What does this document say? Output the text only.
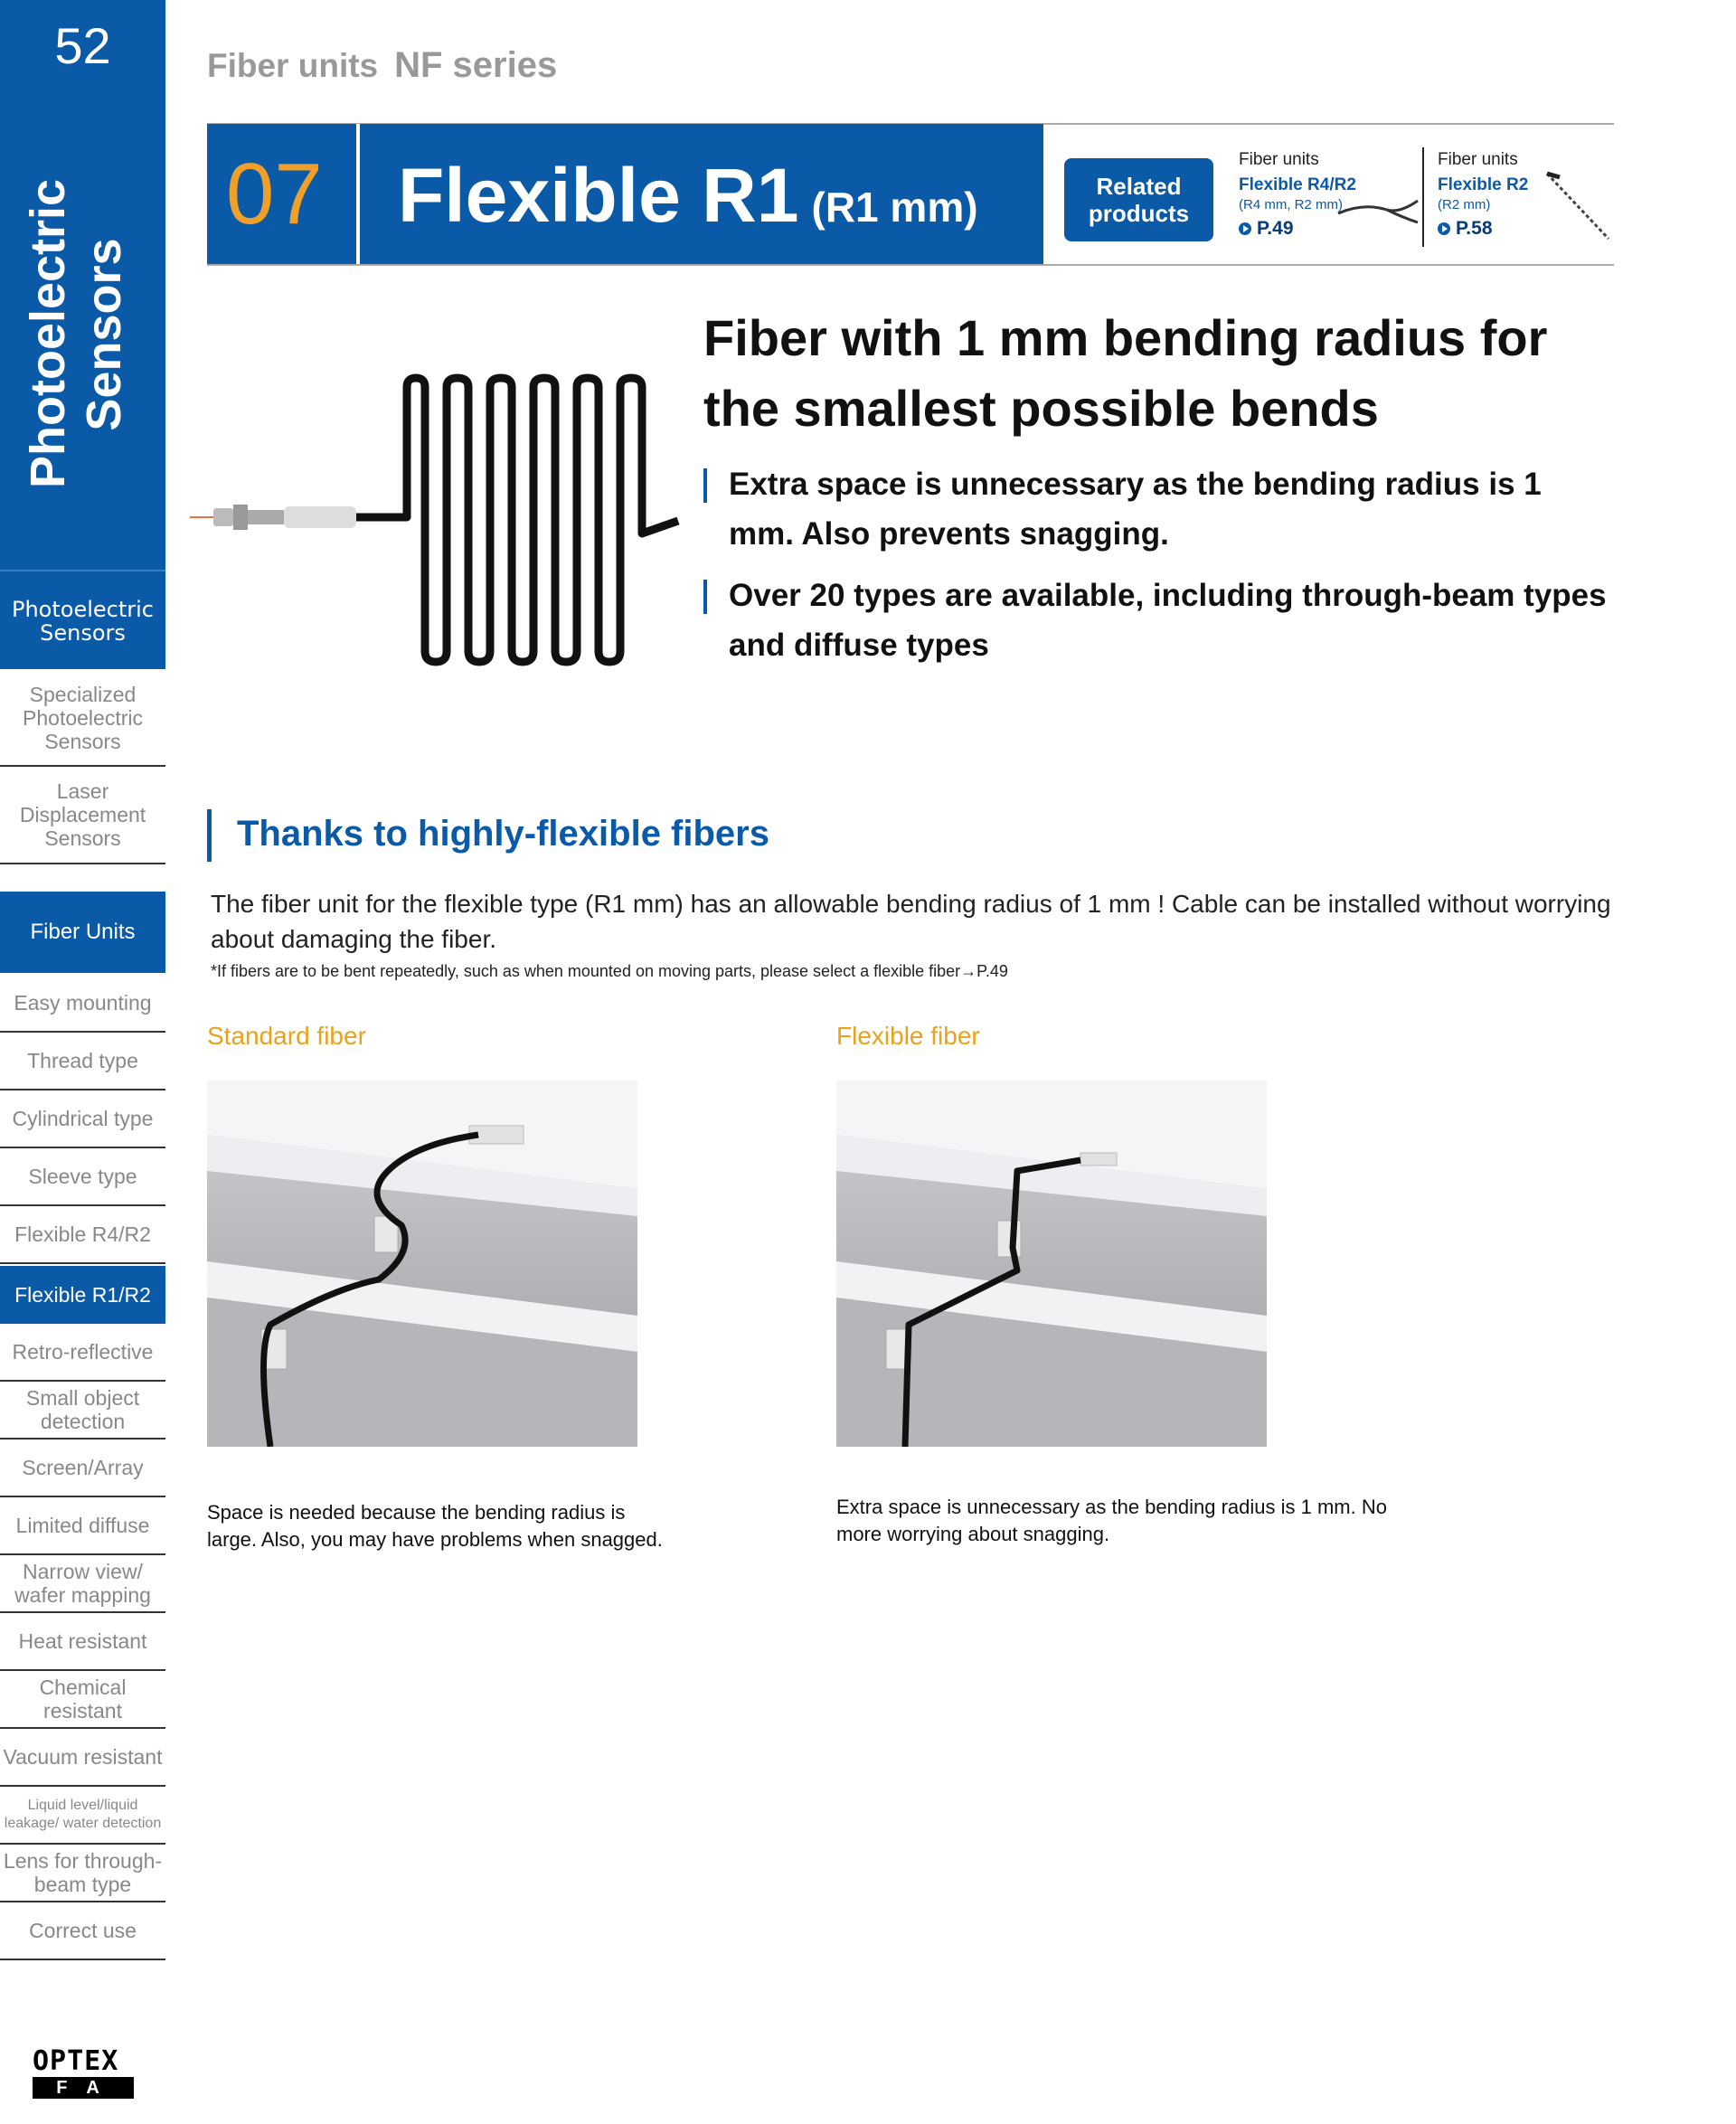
52
Photoelectric Sensors
Photoelectric Sensors
Specialized Photoelectric Sensors
Laser Displacement Sensors
Fiber Units
Easy mounting
Thread type
Cylindrical type
Sleeve type
Flexible R4/R2
Flexible R1/R2
Retro-reflective
Small object detection
Screen/Array
Limited diffuse
Narrow view/ wafer mapping
Heat resistant
Chemical resistant
Vacuum resistant
Liquid level/liquid leakage/ water detection
Lens for through-beam type
Correct use
OPTEX
FA
Fiber units NF series
07 Flexible R1 (R1 mm)	Related products
Fiber units
Flexible R4/R2
(R4 mm, R2 mm)
P.49
Fiber units
Flexible R2
(R2 mm)
P.58
Fiber with 1 mm bending radius for the smallest possible bends
Extra space is unnecessary as the bending radius is 1 mm. Also prevents snagging.
Over 20 types are available, including through-beam types and diffuse types
Thanks to highly-flexible fibers
The fiber unit for the flexible type (R1 mm) has an allowable bending radius of 1 mm ! Cable can be installed without worrying about damaging the fiber.
*If fibers are to be bent repeatedly, such as when mounted on moving parts, please select a flexible fiber→P.49
Standard fiber	Flexible fiber
Space is needed because the bending radius is large. Also, you may have problems when snagged.
Extra space is unnecessary as the bending radius is 1 mm. No more worrying about snagging.
